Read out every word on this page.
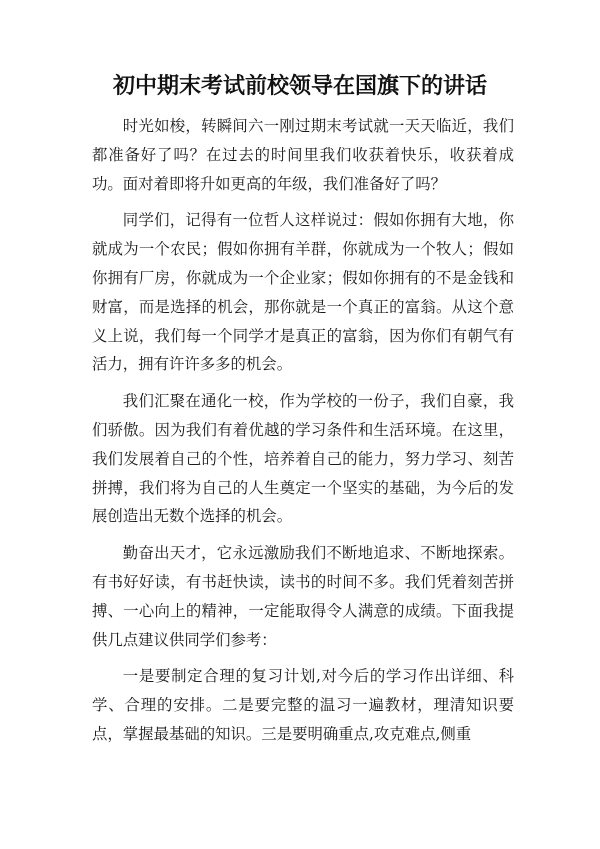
初中期末考试前校领导在国旗下的讲话

时光如梭，转瞬间六一刚过期末考试就一天天临近，我们都准备好了吗？在过去的时间里我们收获着快乐，收获着成功。面对着即将升如更高的年级，我们准备好了吗？

同学们，记得有一位哲人这样说过：假如你拥有大地，你就成为一个农民；假如你拥有羊群，你就成为一个牧人；假如你拥有厂房，你就成为一个企业家；假如你拥有的不是金钱和财富，而是选择的机会，那你就是一个真正的富翁。从这个意义上说，我们每一个同学才是真正的富翁，因为你们有朝气有活力，拥有许许多多的机会。

我们汇聚在通化一校，作为学校的一份子，我们自豪，我们骄傲。因为我们有着优越的学习条件和生活环境。在这里，我们发展着自己的个性，培养着自己的能力，努力学习、刻苦拼搏，我们将为自己的人生奠定一个坚实的基础，为今后的发展创造出无数个选择的机会。

勤奋出天才，它永远激励我们不断地追求、不断地探索。有书好好读，有书赶快读，读书的时间不多。我们凭着刻苦拼搏、一心向上的精神，一定能取得令人满意的成绩。下面我提供几点建议供同学们参考：

一是要制定合理的复习计划,对今后的学习作出详细、科学、合理的安排。二是要完整的温习一遍教材，理清知识要点，掌握最基础的知识。三是要明确重点,攻克难点,侧重
